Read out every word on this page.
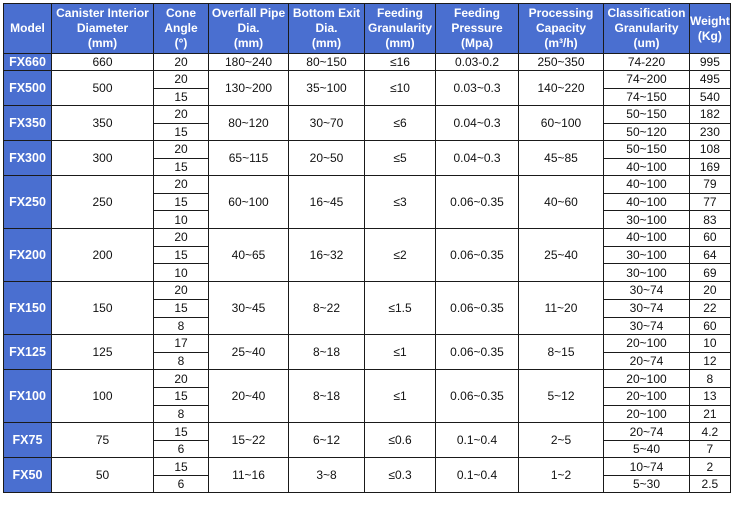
Model	Canister Interior
Diameter
(mm)	Cone
Angle
(°)	Overfall Pipe
Dia.
(mm)	Bottom Exit
Dia.
(mm)	Feeding
Granularity
(mm)	Feeding
Pressure
(Mpa)	Processing
Capacity
(m³/h)	Classification
Granularity
(um)	Weight
(Kg)

FX660	660	20	180~240	80~150	≤16	0.03-0.2	250~350	74-220	995
FX500	500	20	130~200	35~100	≤10	0.03~0.3	140~220	74~200	495
		15						74~150	540
FX350	350	20	80~120	30~70	≤6	0.04~0.3	60~100	50~150	182
		15						50~120	230
FX300	300	20	65~115	20~50	≤5	0.04~0.3	45~85	50~150	108
		15						40~100	169
FX250	250	20	60~100	16~45	≤3	0.06~0.35	40~60	40~100	79
		15						40~100	77
		10						30~100	83
FX200	200	20	40~65	16~32	≤2	0.06~0.35	25~40	40~100	60
		15						30~100	64
		10						30~100	69
FX150	150	20	30~45	8~22	≤1.5	0.06~0.35	11~20	30~74	20
		15						30~74	22
		8						30~74	60
FX125	125	17	25~40	8~18	≤1	0.06~0.35	8~15	20~100	10
		8						20~74	12
FX100	100	20	20~40	8~18	≤1	0.06~0.35	5~12	20~100	8
		15						20~100	13
		8						20~100	21
FX75	75	15	15~22	6~12	≤0.6	0.1~0.4	2~5	20~74	4.2
		6						5~40	7
FX50	50	15	11~16	3~8	≤0.3	0.1~0.4	1~2	10~74	2
		6						5~30	2.5
